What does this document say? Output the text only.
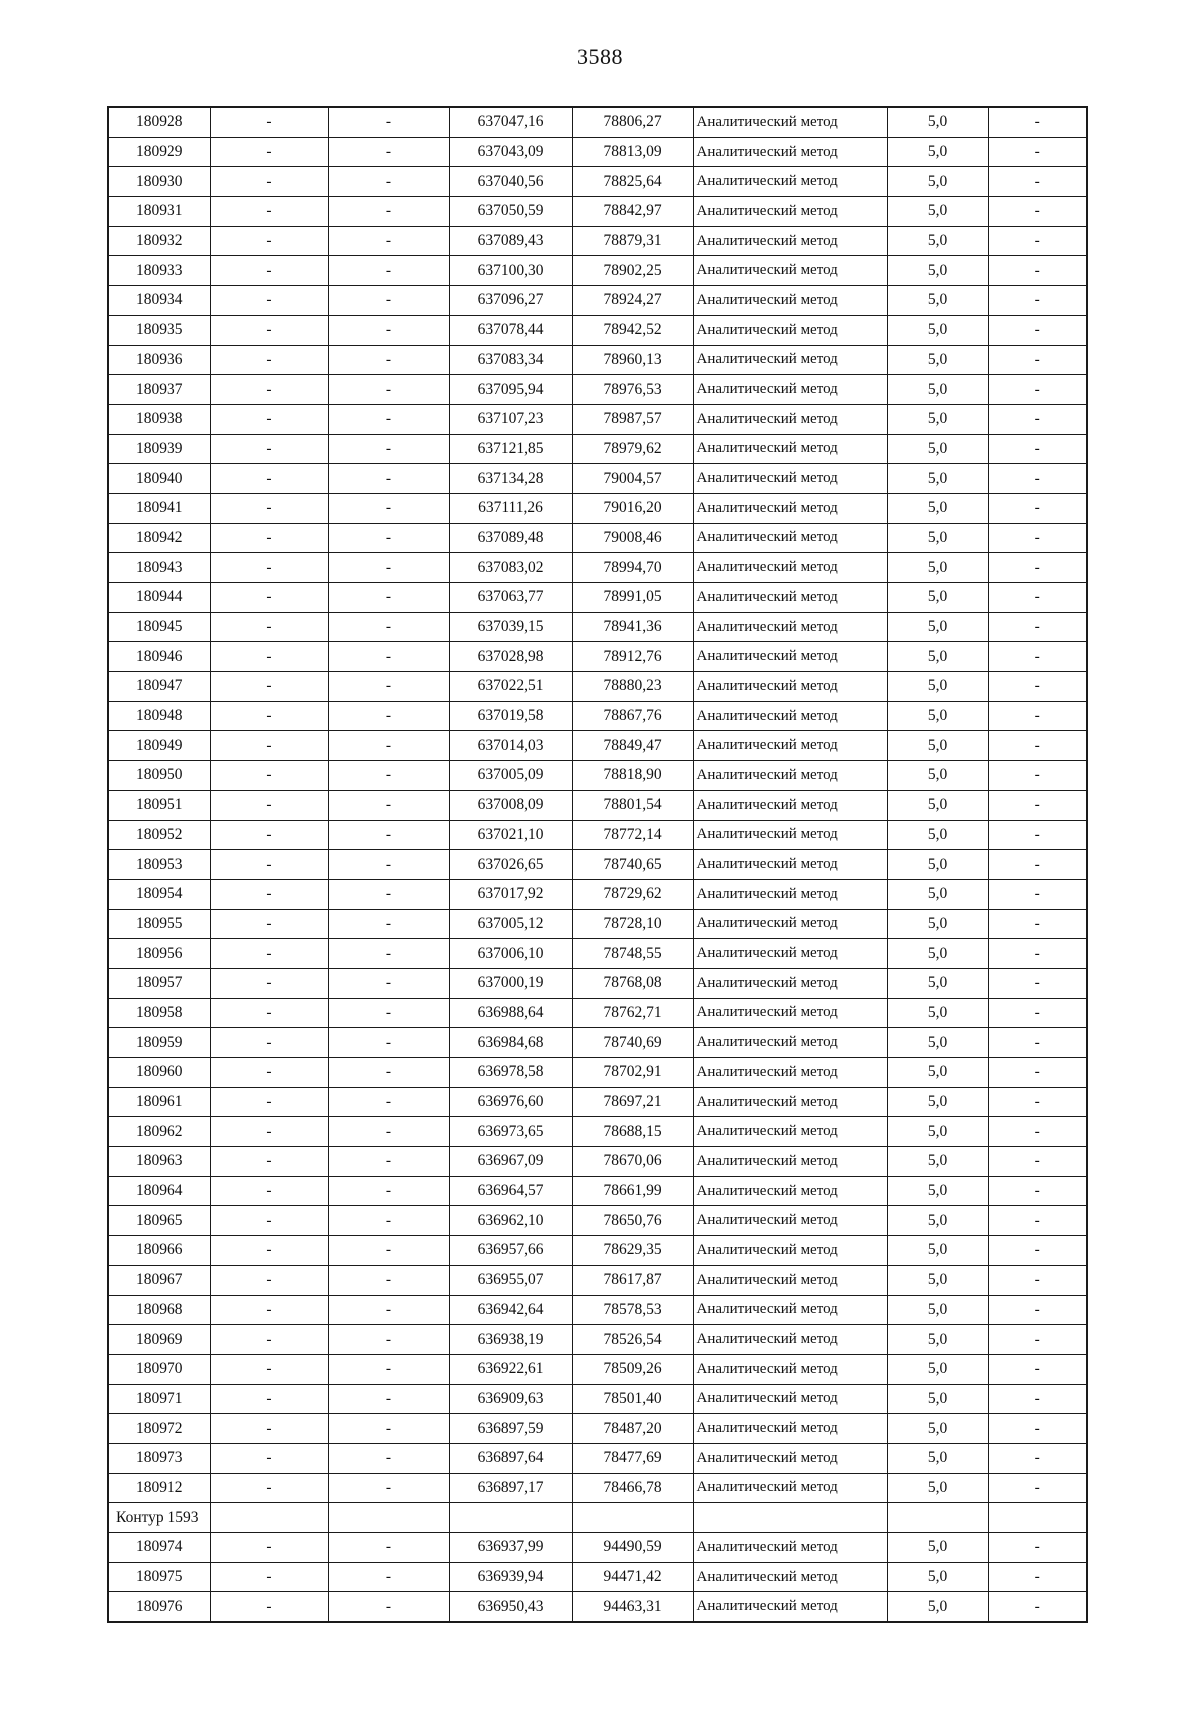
3588
180928	-	-	637047,16	78806,27	Аналитический метод	5,0	-
180929	-	-	637043,09	78813,09	Аналитический метод	5,0	-
180930	-	-	637040,56	78825,64	Аналитический метод	5,0	-
180931	-	-	637050,59	78842,97	Аналитический метод	5,0	-
180932	-	-	637089,43	78879,31	Аналитический метод	5,0	-
180933	-	-	637100,30	78902,25	Аналитический метод	5,0	-
180934	-	-	637096,27	78924,27	Аналитический метод	5,0	-
180935	-	-	637078,44	78942,52	Аналитический метод	5,0	-
180936	-	-	637083,34	78960,13	Аналитический метод	5,0	-
180937	-	-	637095,94	78976,53	Аналитический метод	5,0	-
180938	-	-	637107,23	78987,57	Аналитический метод	5,0	-
180939	-	-	637121,85	78979,62	Аналитический метод	5,0	-
180940	-	-	637134,28	79004,57	Аналитический метод	5,0	-
180941	-	-	637111,26	79016,20	Аналитический метод	5,0	-
180942	-	-	637089,48	79008,46	Аналитический метод	5,0	-
180943	-	-	637083,02	78994,70	Аналитический метод	5,0	-
180944	-	-	637063,77	78991,05	Аналитический метод	5,0	-
180945	-	-	637039,15	78941,36	Аналитический метод	5,0	-
180946	-	-	637028,98	78912,76	Аналитический метод	5,0	-
180947	-	-	637022,51	78880,23	Аналитический метод	5,0	-
180948	-	-	637019,58	78867,76	Аналитический метод	5,0	-
180949	-	-	637014,03	78849,47	Аналитический метод	5,0	-
180950	-	-	637005,09	78818,90	Аналитический метод	5,0	-
180951	-	-	637008,09	78801,54	Аналитический метод	5,0	-
180952	-	-	637021,10	78772,14	Аналитический метод	5,0	-
180953	-	-	637026,65	78740,65	Аналитический метод	5,0	-
180954	-	-	637017,92	78729,62	Аналитический метод	5,0	-
180955	-	-	637005,12	78728,10	Аналитический метод	5,0	-
180956	-	-	637006,10	78748,55	Аналитический метод	5,0	-
180957	-	-	637000,19	78768,08	Аналитический метод	5,0	-
180958	-	-	636988,64	78762,71	Аналитический метод	5,0	-
180959	-	-	636984,68	78740,69	Аналитический метод	5,0	-
180960	-	-	636978,58	78702,91	Аналитический метод	5,0	-
180961	-	-	636976,60	78697,21	Аналитический метод	5,0	-
180962	-	-	636973,65	78688,15	Аналитический метод	5,0	-
180963	-	-	636967,09	78670,06	Аналитический метод	5,0	-
180964	-	-	636964,57	78661,99	Аналитический метод	5,0	-
180965	-	-	636962,10	78650,76	Аналитический метод	5,0	-
180966	-	-	636957,66	78629,35	Аналитический метод	5,0	-
180967	-	-	636955,07	78617,87	Аналитический метод	5,0	-
180968	-	-	636942,64	78578,53	Аналитический метод	5,0	-
180969	-	-	636938,19	78526,54	Аналитический метод	5,0	-
180970	-	-	636922,61	78509,26	Аналитический метод	5,0	-
180971	-	-	636909,63	78501,40	Аналитический метод	5,0	-
180972	-	-	636897,59	78487,20	Аналитический метод	5,0	-
180973	-	-	636897,64	78477,69	Аналитический метод	5,0	-
180912	-	-	636897,17	78466,78	Аналитический метод	5,0	-
Контур 1593							
180974	-	-	636937,99	94490,59	Аналитический метод	5,0	-
180975	-	-	636939,94	94471,42	Аналитический метод	5,0	-
180976	-	-	636950,43	94463,31	Аналитический метод	5,0	-
